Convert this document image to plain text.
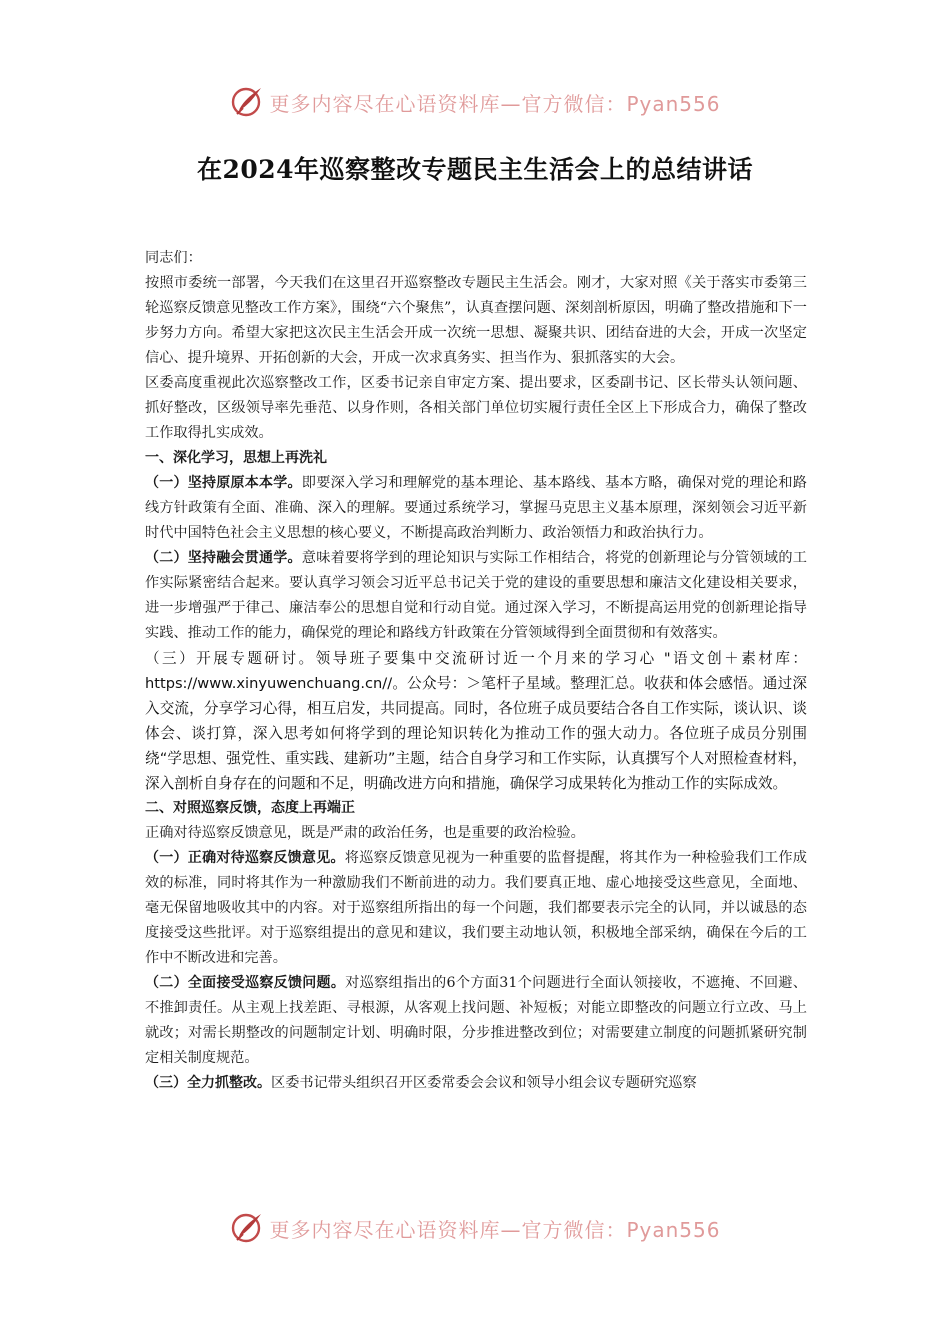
更多内容尽在心语资料库—官方微信：Pyan556
在2024年巡察整改专题民主生活会上的总结讲话

同志们：

按照市委统一部署，今天我们在这里召开巡察整改专题民主生活会。刚才，大家对照《关于落实市委第三轮巡察反馈意见整改工作方案》，围绕“六个聚焦”，认真查摆问题、深刻剖析原因，明确了整改措施和下一步努力方向。希望大家把这次民主生活会开成一次统一思想、凝聚共识、团结奋进的大会，开成一次坚定信心、提升境界、开拓创新的大会，开成一次求真务实、担当作为、狠抓落实的大会。

区委高度重视此次巡察整改工作，区委书记亲自审定方案、提出要求，区委副书记、区长带头认领问题、抓好整改，区级领导率先垂范、以身作则，各相关部门单位切实履行责任全区上下形成合力，确保了整改工作取得扎实成效。

一、深化学习，思想上再洗礼

（一）坚持原原本本学。即要深入学习和理解党的基本理论、基本路线、基本方略，确保对党的理论和路线方针政策有全面、准确、深入的理解。要通过系统学习，掌握马克思主义基本原理，深刻领会习近平新时代中国特色社会主义思想的核心要义，不断提高政治判断力、政治领悟力和政治执行力。

（二）坚持融会贯通学。意味着要将学到的理论知识与实际工作相结合，将党的创新理论与分管领域的工作实际紧密结合起来。要认真学习领会习近平总书记关于党的建设的重要思想和廉洁文化建设相关要求，进一步增强严于律己、廉洁奉公的思想自觉和行动自觉。通过深入学习，不断提高运用党的创新理论指导实践、推动工作的能力，确保党的理论和路线方针政策在分管领域得到全面贯彻和有效落实。

（三）开展专题研讨。领导班子要集中交流研讨近一个月来的学习心 "语文创＋素材库：https://www.xinyuwenchuang.cn//。公众号：＞笔杆子星域。整理汇总。收获和体会感悟。通过深入交流，分享学习心得，相互启发，共同提高。同时，各位班子成员要结合各自工作实际，谈认识、谈体会、谈打算，深入思考如何将学到的理论知识转化为推动工作的强大动力。各位班子成员分别围绕“学思想、强党性、重实践、建新功”主题，结合自身学习和工作实际，认真撰写个人对照检查材料，深入剖析自身存在的问题和不足，明确改进方向和措施，确保学习成果转化为推动工作的实际成效。

二、对照巡察反馈，态度上再端正

正确对待巡察反馈意见，既是严肃的政治任务，也是重要的政治检验。

（一）正确对待巡察反馈意见。将巡察反馈意见视为一种重要的监督提醒，将其作为一种检验我们工作成效的标准，同时将其作为一种激励我们不断前进的动力。我们要真正地、虚心地接受这些意见，全面地、毫无保留地吸收其中的内容。对于巡察组所指出的每一个问题，我们都要表示完全的认同，并以诚恳的态度接受这些批评。对于巡察组提出的意见和建议，我们要主动地认领，积极地全部采纳，确保在今后的工作中不断改进和完善。

（二）全面接受巡察反馈问题。对巡察组指出的6个方面31个问题进行全面认领接收，不遮掩、不回避、不推卸责任。从主观上找差距、寻根源，从客观上找问题、补短板；对能立即整改的问题立行立改、马上就改；对需长期整改的问题制定计划、明确时限，分步推进整改到位；对需要建立制度的问题抓紧研究制定相关制度规范。

（三）全力抓整改。区委书记带头组织召开区委常委会会议和领导小组会议专题研究巡察

更多内容尽在心语资料库—官方微信：Pyan556
